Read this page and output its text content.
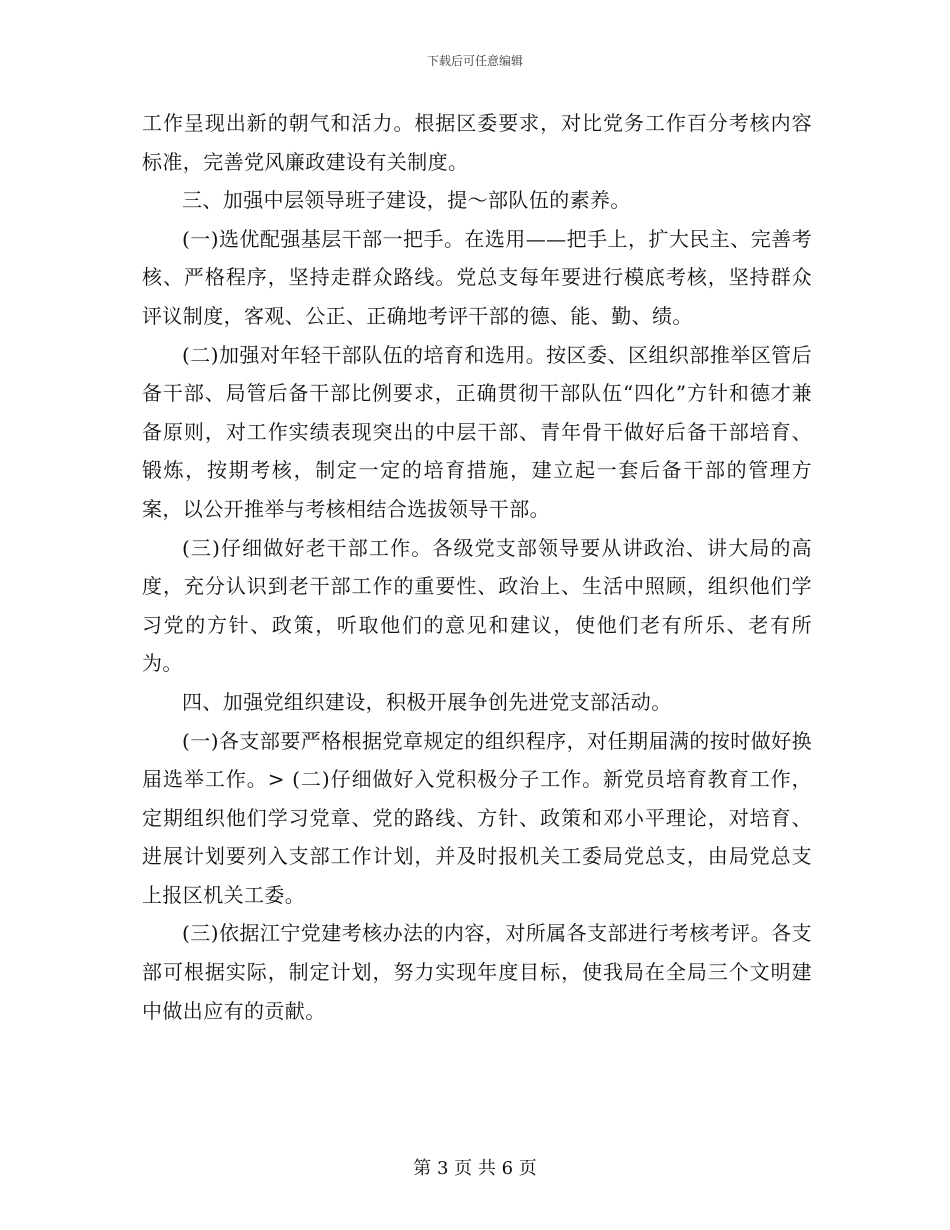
下载后可任意编辑

工作呈现出新的朝气和活力。根据区委要求，对比党务工作百分考核内容标准，完善党风廉政建设有关制度。

三、加强中层领导班子建设，提～部队伍的素养。

(一)选优配强基层干部一把手。在选用——把手上，扩大民主、完善考核、严格程序，坚持走群众路线。党总支每年要进行模底考核，坚持群众评议制度，客观、公正、正确地考评干部的德、能、勤、绩。

(二)加强对年轻干部队伍的培育和选用。按区委、区组织部推举区管后备干部、局管后备干部比例要求，正确贯彻干部队伍“四化”方针和德才兼备原则，对工作实绩表现突出的中层干部、青年骨干做好后备干部培育、锻炼，按期考核，制定一定的培育措施，建立起一套后备干部的管理方案，以公开推举与考核相结合选拔领导干部。

(三)仔细做好老干部工作。各级党支部领导要从讲政治、讲大局的高度，充分认识到老干部工作的重要性、政治上、生活中照顾，组织他们学习党的方针、政策，听取他们的意见和建议，使他们老有所乐、老有所为。

四、加强党组织建设，积极开展争创先进党支部活动。

(一)各支部要严格根据党章规定的组织程序，对任期届满的按时做好换届选举工作。> (二)仔细做好入党积极分子工作。新党员培育教育工作，定期组织他们学习党章、党的路线、方针、政策和邓小平理论，对培育、进展计划要列入支部工作计划，并及时报机关工委局党总支，由局党总支上报区机关工委。

(三)依据江宁党建考核办法的内容，对所属各支部进行考核考评。各支部可根据实际，制定计划，努力实现年度目标，使我局在全局三个文明建中做出应有的贡献。

第 3 页 共 6 页
